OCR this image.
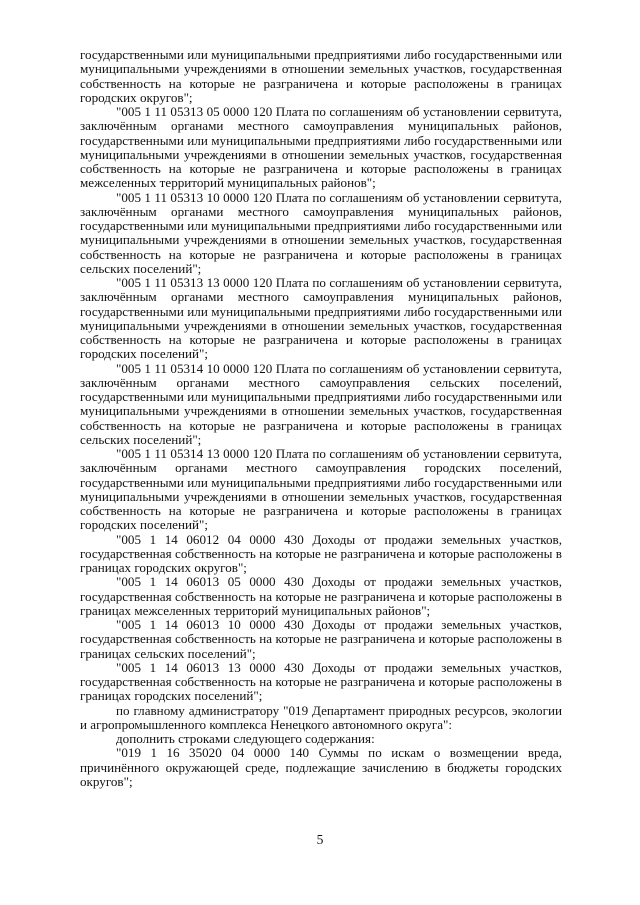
государственными или муниципальными предприятиями либо государственными или муниципальными учреждениями в отношении земельных участков, государственная собственность на которые не разграничена и которые расположены в границах городских округов";

"005 1 11 05313 05 0000 120 Плата по соглашениям об установлении сервитута, заключённым органами местного самоуправления муниципальных районов, государственными или муниципальными предприятиями либо государственными или муниципальными учреждениями в отношении земельных участков, государственная собственность на которые не разграничена и которые расположены в границах межселенных территорий муниципальных районов";

"005 1 11 05313 10 0000 120 Плата по соглашениям об установлении сервитута, заключённым органами местного самоуправления муниципальных районов, государственными или муниципальными предприятиями либо государственными или муниципальными учреждениями в отношении земельных участков, государственная собственность на которые не разграничена и которые расположены в границах сельских поселений";

"005 1 11 05313 13 0000 120 Плата по соглашениям об установлении сервитута, заключённым органами местного самоуправления муниципальных районов, государственными или муниципальными предприятиями либо государственными или муниципальными учреждениями в отношении земельных участков, государственная собственность на которые не разграничена и которые расположены в границах городских поселений";

"005 1 11 05314 10 0000 120 Плата по соглашениям об установлении сервитута, заключённым органами местного самоуправления сельских поселений, государственными или муниципальными предприятиями либо государственными или муниципальными учреждениями в отношении земельных участков, государственная собственность на которые не разграничена и которые расположены в границах сельских поселений";

"005 1 11 05314 13 0000 120 Плата по соглашениям об установлении сервитута, заключённым органами местного самоуправления городских поселений, государственными или муниципальными предприятиями либо государственными или муниципальными учреждениями в отношении земельных участков, государственная собственность на которые не разграничена и которые расположены в границах городских поселений";

"005 1 14 06012 04 0000 430 Доходы от продажи земельных участков, государственная собственность на которые не разграничена и которые расположены в границах городских округов";

"005 1 14 06013 05 0000 430 Доходы от продажи земельных участков, государственная собственность на которые не разграничена и которые расположены в границах межселенных территорий муниципальных районов";

"005 1 14 06013 10 0000 430 Доходы от продажи земельных участков, государственная собственность на которые не разграничена и которые расположены в границах сельских поселений";

"005 1 14 06013 13 0000 430 Доходы от продажи земельных участков, государственная собственность на которые не разграничена и которые расположены в границах городских поселений";

по главному администратору "019 Департамент природных ресурсов, экологии и агропромышленного комплекса Ненецкого автономного округа":

дополнить строками следующего содержания:

"019 1 16 35020 04 0000 140 Суммы по искам о возмещении вреда, причинённого окружающей среде, подлежащие зачислению в бюджеты городских округов";

5
